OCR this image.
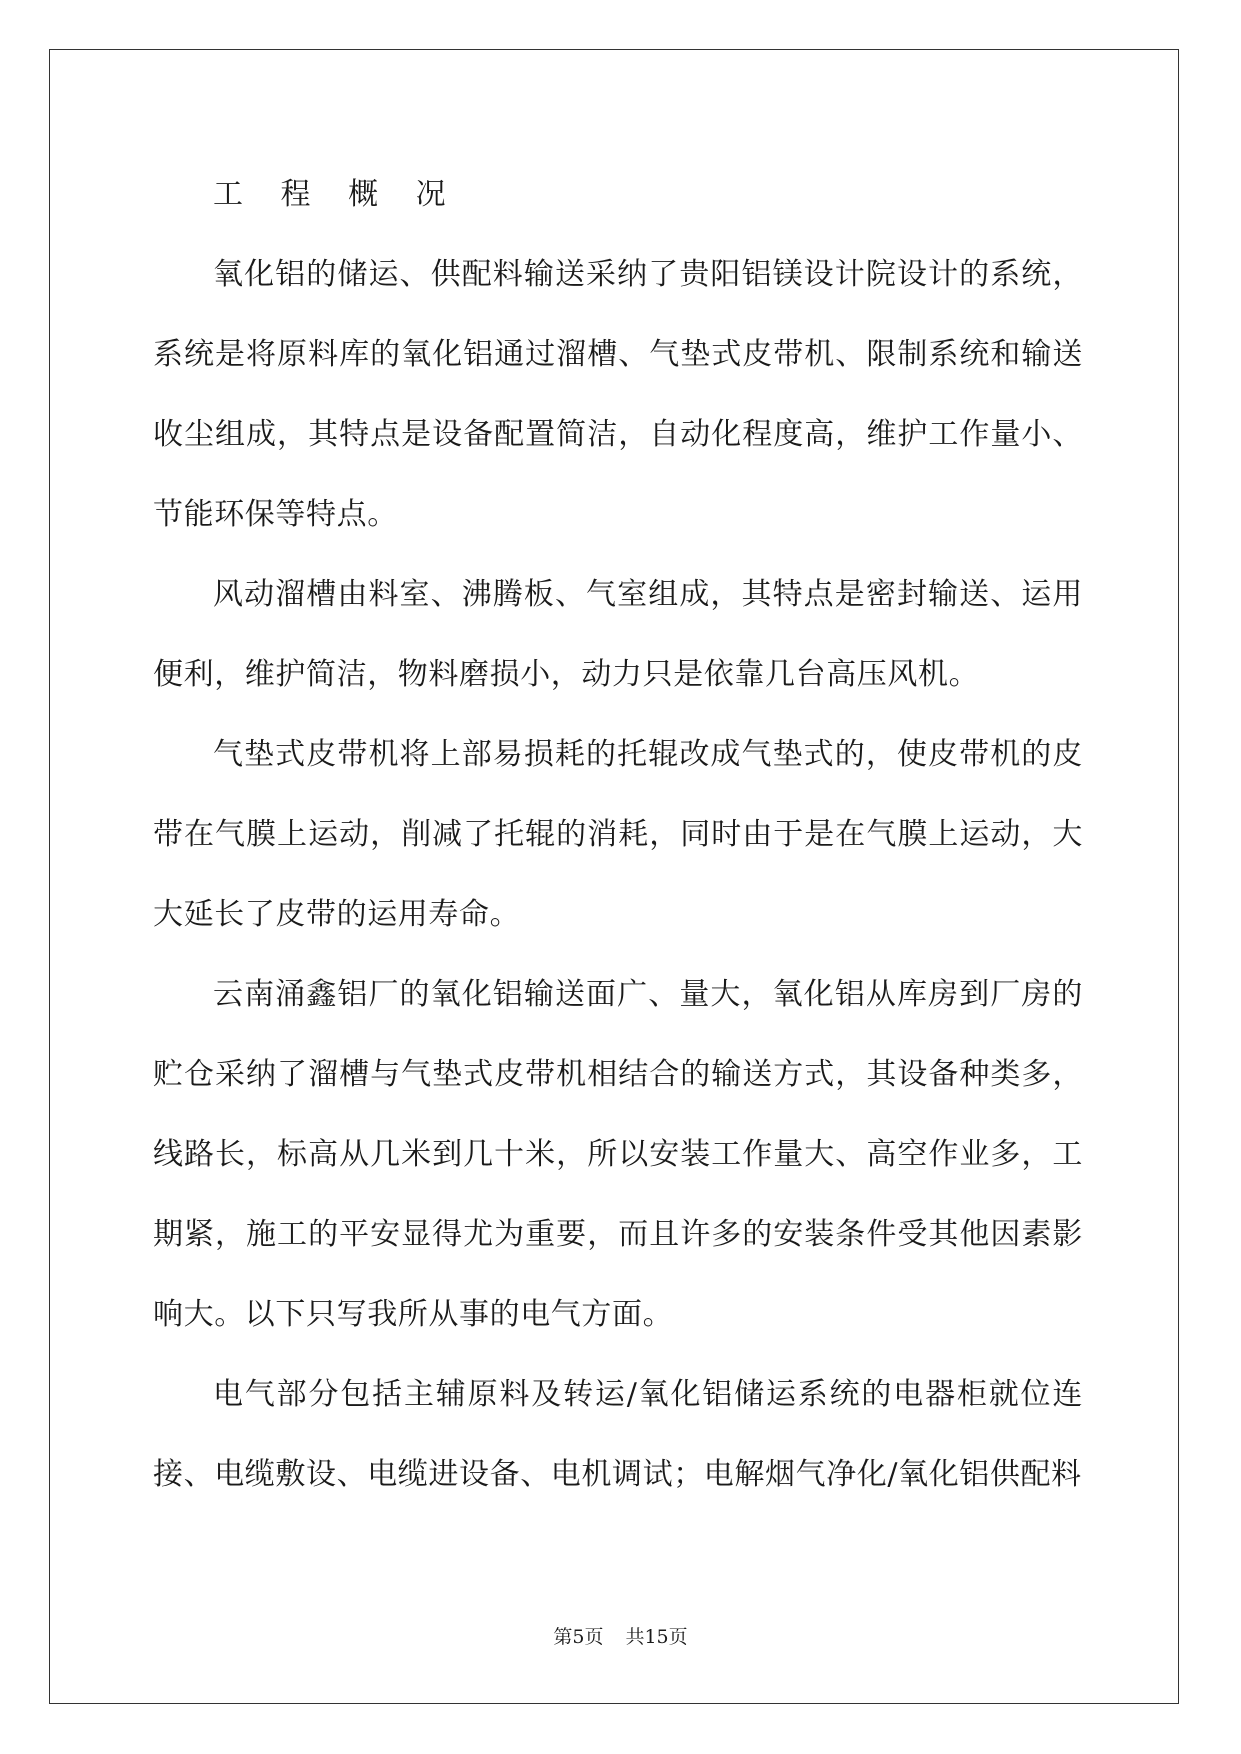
工 程 概 况

氧化铝的储运、供配料输送采纳了贵阳铝镁设计院设计的系统，系统是将原料库的氧化铝通过溜槽、气垫式皮带机、限制系统和输送收尘组成，其特点是设备配置简洁，自动化程度高，维护工作量小、节能环保等特点。

风动溜槽由料室、沸腾板、气室组成，其特点是密封输送、运用便利，维护简洁，物料磨损小，动力只是依靠几台高压风机。

气垫式皮带机将上部易损耗的托辊改成气垫式的，使皮带机的皮带在气膜上运动，削减了托辊的消耗，同时由于是在气膜上运动，大大延长了皮带的运用寿命。

云南涌鑫铝厂的氧化铝输送面广、量大，氧化铝从库房到厂房的贮仓采纳了溜槽与气垫式皮带机相结合的输送方式，其设备种类多，线路长，标高从几米到几十米，所以安装工作量大、高空作业多，工期紧，施工的平安显得尤为重要，而且许多的安装条件受其他因素影响大。以下只写我所从事的电气方面。

电气部分包括主辅原料及转运/氧化铝储运系统的电器柜就位连接、电缆敷设、电缆进设备、电机调试；电解烟气净化/氧化铝供配料

第5页 共15页
